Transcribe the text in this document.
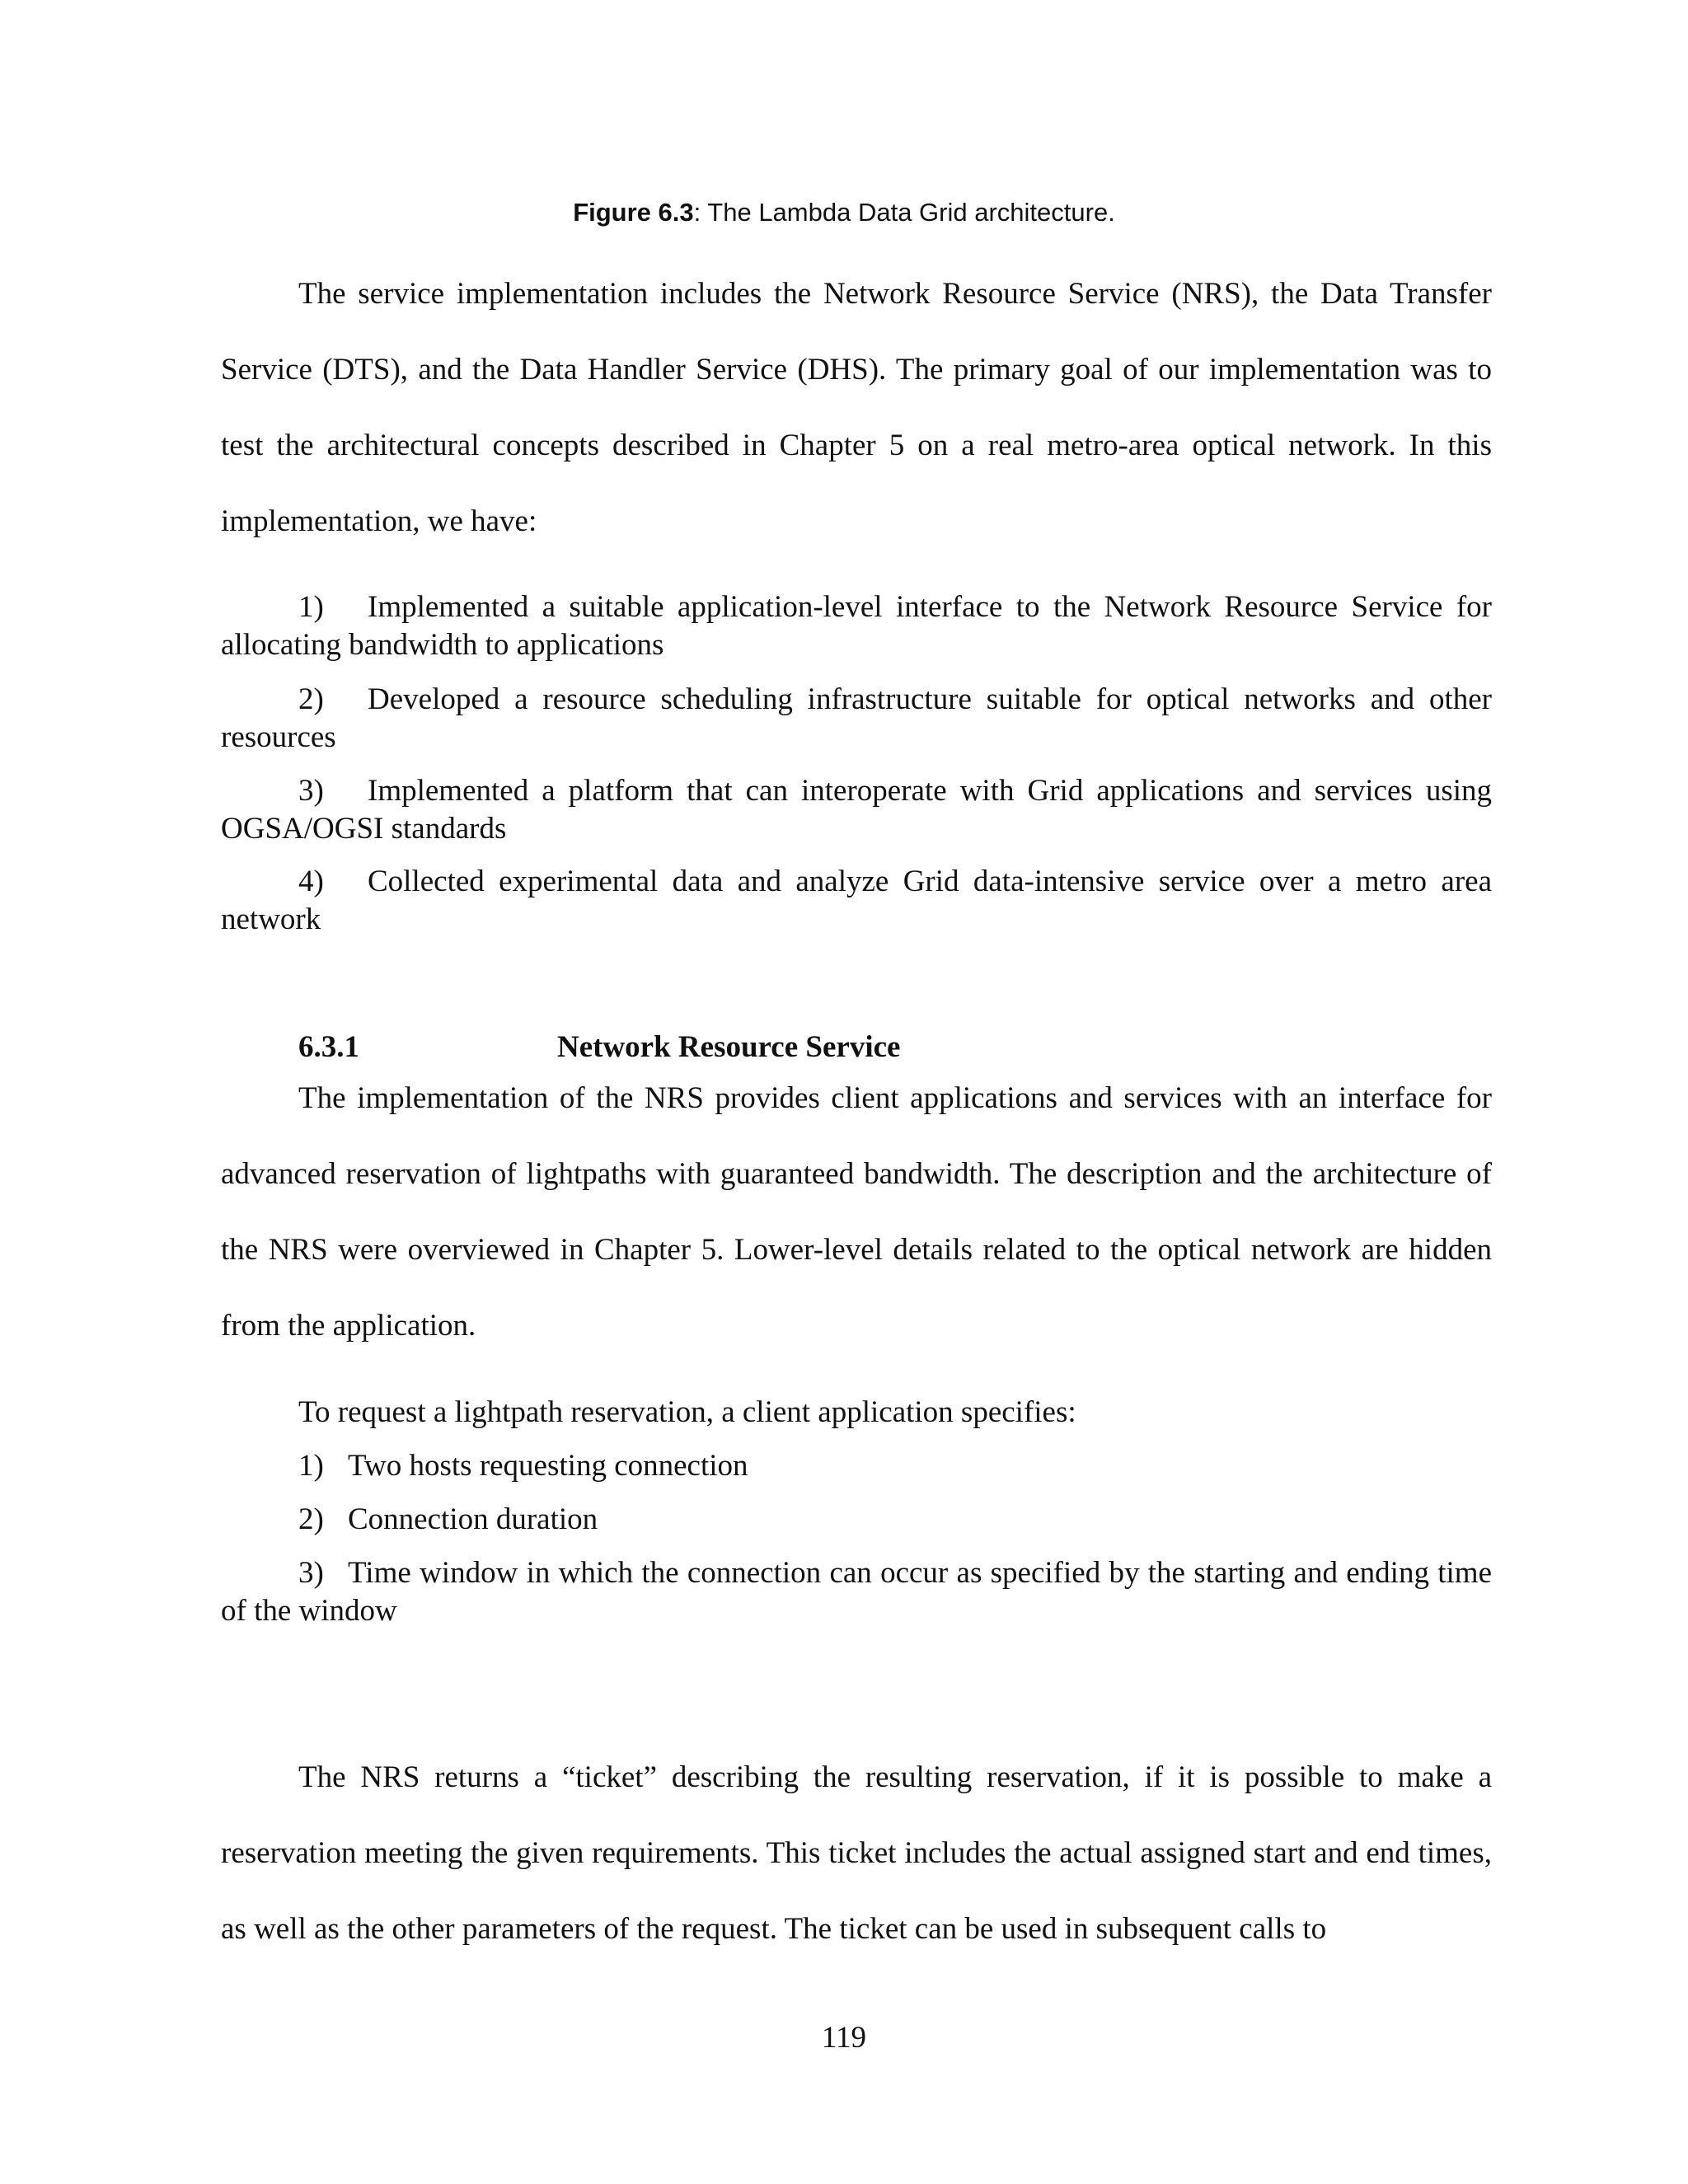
Figure 6.3: The Lambda Data Grid architecture.
The service implementation includes the Network Resource Service (NRS), the Data Transfer Service (DTS), and the Data Handler Service (DHS). The primary goal of our implementation was to test the architectural concepts described in Chapter 5 on a real metro-area optical network. In this implementation, we have:
1) Implemented a suitable application-level interface to the Network Resource Service for allocating bandwidth to applications
2) Developed a resource scheduling infrastructure suitable for optical networks and other resources
3) Implemented a platform that can interoperate with Grid applications and services using OGSA/OGSI standards
4) Collected experimental data and analyze Grid data-intensive service over a metro area network
6.3.1	Network Resource Service
The implementation of the NRS provides client applications and services with an interface for advanced reservation of lightpaths with guaranteed bandwidth. The description and the architecture of the NRS were overviewed in Chapter 5. Lower-level details related to the optical network are hidden from the application.
To request a lightpath reservation, a client application specifies:
1) Two hosts requesting connection
2) Connection duration
3) Time window in which the connection can occur as specified by the starting and ending time of the window
The NRS returns a “ticket” describing the resulting reservation, if it is possible to make a reservation meeting the given requirements. This ticket includes the actual assigned start and end times, as well as the other parameters of the request. The ticket can be used in subsequent calls to
119
